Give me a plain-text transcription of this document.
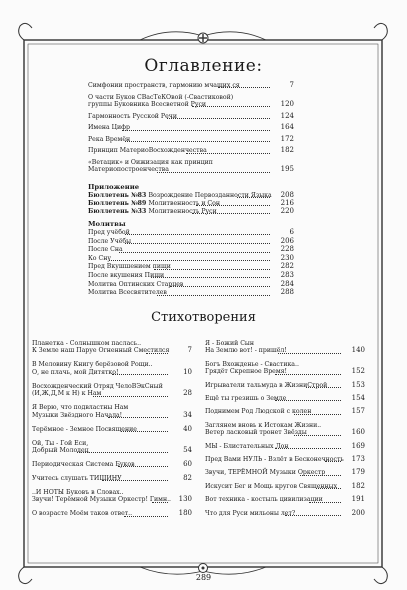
Оглавление:
Симфонии пространств, гармонию мчащих ся	7
О части Буков СВасТеКОвой (-Свастиковой)
группы Буковника Всесветной Руси	120
Гармонность Русской Речи	124
Имена Цифр	164
Река Времён	172
Принцип МатериоВосхожденчества	182
«Ветацик» и Оижизация как принцип
Материопостроенчества	195
Приложение
Бюллетень №83 Возрождение Первозданности Языка	208
Бюллетень №89 Молитвенность и Сон	216
Бюллетень №33 Молитвенность Руси	220
Молитвы
Пред учёбой	6
После Учёбы	206
После Сна	228
Ко Сну	230
Пред Вкушшением пищи	282
После вкушения Пищи	283
Молитва Оптинских Старцев	284
Молитва Всесвятителев	288
Стихотворения
Планетка - Солнышком паслась..
К Земле наш Паруе Огненный Сместился	7
В Меловину Книгу берёзовой Рощи..
О, не плачь, мой Дитятко!	10
Восхожденческий Отряд ЧелоВЭкСный
(И,Ж,Д,М к Н) к Нам	28
Я Верю, что подвластны Нам
Музыки Звёздного Начала!	34
Терёмное - Земное Посвящение	40
Ой, Ты - Гой Еси,
Добрый Молодец	54
Периодическая Система Буков	60
Учитесь слушать ТИШИНУ	82
..И НОТЫ Буковъ в Словах..
Звучи! Терёмной Музыки Оркестр! Гимн..	130
О возрасте Моём таков ответ..	180
Я - Божий Сын
На Землю вот! - пришёл!	140
Богъ Вхожденье - Свастика..
Грядёт Скрепное Время!	152
Игрыватели тальмуда в ЖизниСтрой	153
Ещё ты грезишь о Земле	154
Поднимем Род Людской с колен	157
Заглянем вновь к Истокам Жизни..
Ветер ласковый тронет Звёзды	160
МЫ - Блистательных Лон	169
Пред Вами НУЛЬ - Взлёт в Бесконечность	173
Звучи, ТЕРЁМНОЙ Музыки Оркестр	179
Искусит Бег и Мощь кругов Священных	182
Вот техника - костыль цивилизации	191
Что для Руси мильоны лет?	200
289
